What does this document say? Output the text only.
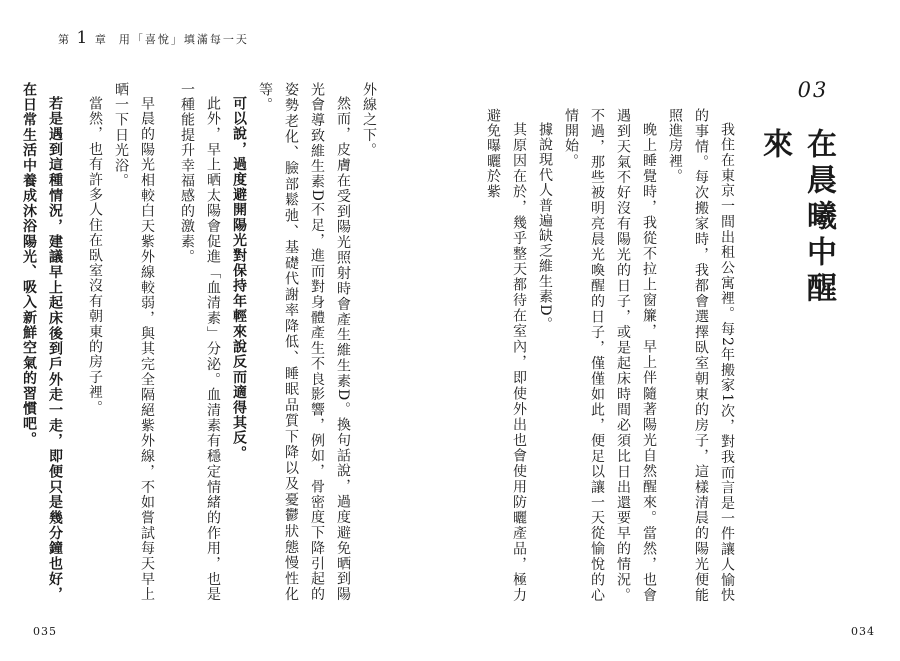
第 1 章 用「喜悅」填滿每一天
03
在晨曦中醒來

我住在東京一間出租公寓裡。每2年搬家1次，對我而言是一件讓人愉快的事情。每次搬家時，我都會選擇臥室朝東的房子，這樣清晨的陽光便能照進房裡。

晚上睡覺時，我從不拉上窗簾，早上伴隨著陽光自然醒來。當然，也會遇到天氣不好沒有陽光的日子，或是起床時間必須比日出還要早的情況。不過，那些被明亮晨光喚醒的日子，僅僅如此，便足以讓一天從愉悅的心情開始。

據說現代人普遍缺乏維生素D。

其原因在於，幾乎整天都待在室內，即使外出也會使用防曬產品，極力避免曝曬於紫

外線之下。

然而，皮膚在受到陽光照射時會產生維生素D。換句話說，過度避免晒到陽光會導致維生素D不足，進而對身體產生不良影響，例如，骨密度下降引起的姿勢老化、臉部鬆弛、基礎代謝率降低、睡眠品質下降以及憂鬱狀態慢性化等。

可以說，過度避開陽光對保持年輕來說反而適得其反。

此外，早上晒太陽會促進「血清素」分泌。血清素有穩定情緒的作用，也是一種能提升幸福感的激素。

早晨的陽光相較白天紫外線較弱，與其完全隔絕紫外線，不如嘗試每天早上晒一下日光浴。

當然，也有許多人住在臥室沒有朝東的房子裡。

若是遇到這種情況，建議早上起床後到戶外走一走，即便只是幾分鐘也好，在日常生活中養成沐浴陽光、吸入新鮮空氣的習慣吧。

035	034
